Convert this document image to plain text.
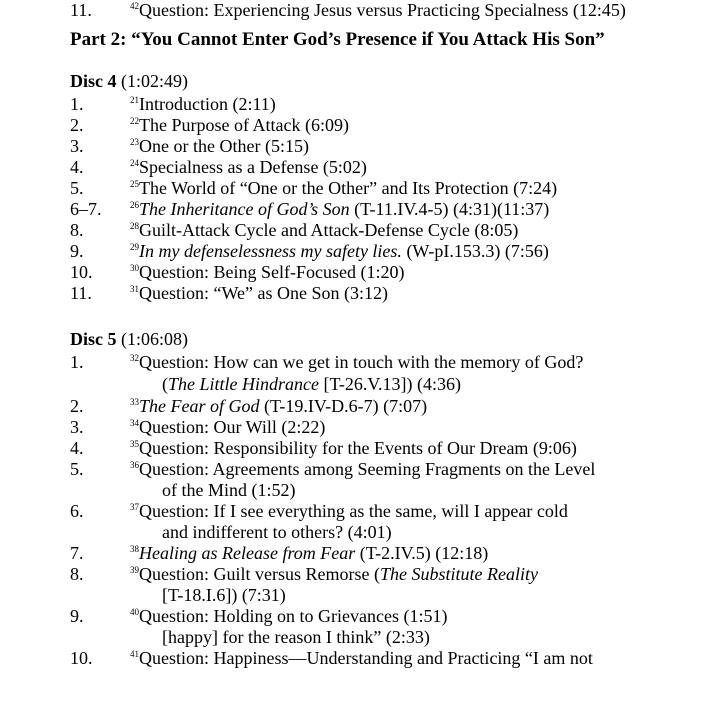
Part 2: “You Cannot Enter God’s Presence if You Attack His Son”
Disc 4 (1:02:49)
1.	$^{21}$Introduction (2:11)
2.	$^{22}$The Purpose of Attack (6:09)
3.	$^{23}$One or the Other (5:15)
4.	$^{24}$Specialness as a Defense (5:02)
5.	$^{25}$The World of “One or the Other” and Its Protection (7:24)
6–7.	$^{26}$The Inheritance of God’s Son (T-11.IV.4-5) (4:31)(11:37)
8.	$^{28}$Guilt-Attack Cycle and Attack-Defense Cycle (8:05)
9.	$^{29}$In my defenselessness my safety lies. (W-pI.153.3) (7:56)
10.	$^{30}$Question: Being Self-Focused (1:20)
11.	$^{31}$Question: “We” as One Son (3:12)
Disc 5 (1:06:08)
1.	$^{32}$Question: How can we get in touch with the memory of God?
(The Little Hindrance [T-26.V.13]) (4:36)
2.	$^{33}$The Fear of God (T-19.IV-D.6-7) (7:07)
3.	$^{34}$Question: Our Will (2:22)
4.	$^{35}$Question: Responsibility for the Events of Our Dream (9:06)
5.	$^{36}$Question: Agreements among Seeming Fragments on the Level
of the Mind (1:52)
6.	$^{37}$Question: If I see everything as the same, will I appear cold
and indifferent to others? (4:01)
7.	$^{38}$Healing as Release from Fear (T-2.IV.5) (12:18)
8.	$^{39}$Question: Guilt versus Remorse (The Substitute Reality
[T-18.I.6]) (7:31)
9.	$^{40}$Question: Holding on to Grievances (1:51)
10.	$^{41}$Question: Happiness—Understanding and Practicing “I am not
[happy] for the reason I think” (2:33)
11.	$^{42}$Question: Experiencing Jesus versus Practicing Specialness (12:45)
